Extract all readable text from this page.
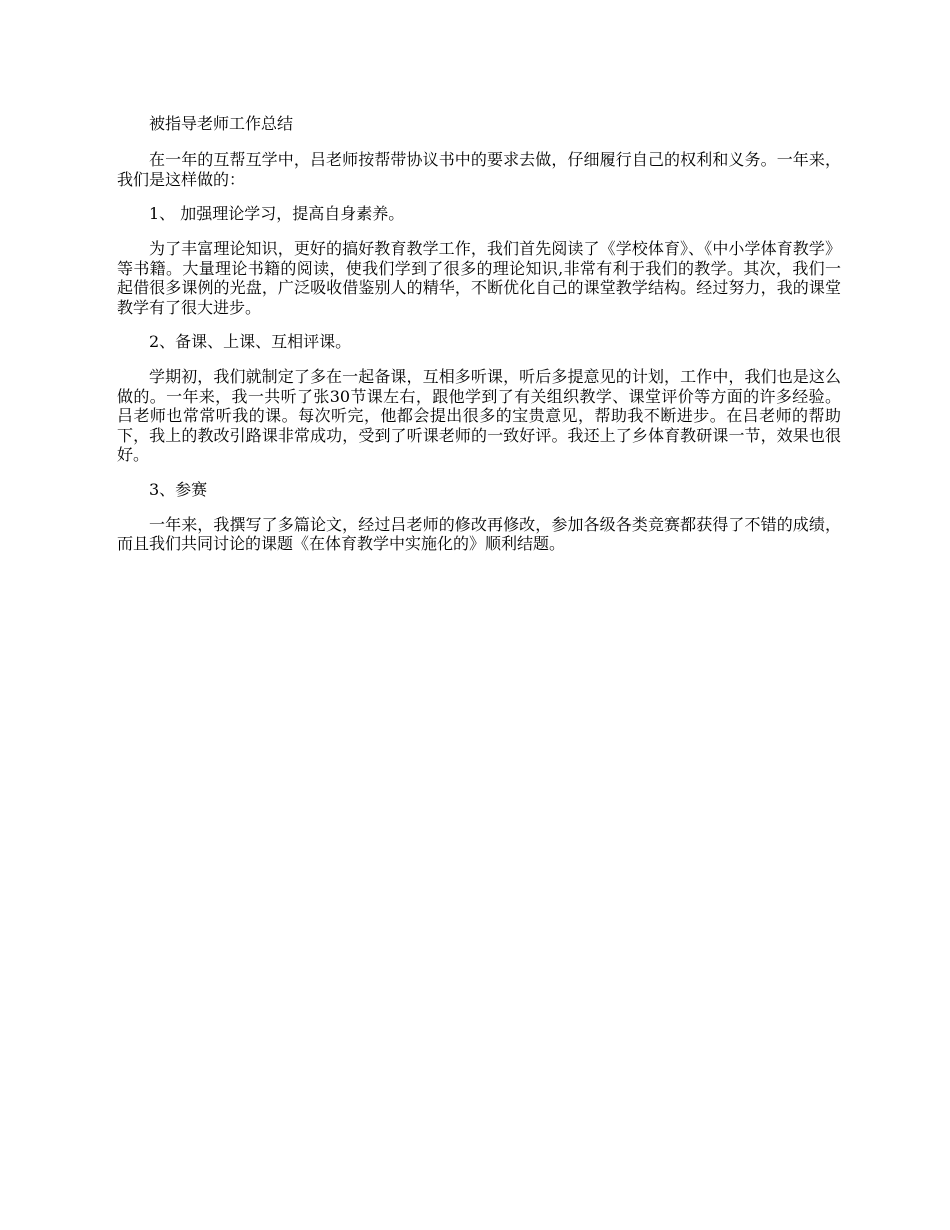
被指导老师工作总结

在一年的互帮互学中，吕老师按帮带协议书中的要求去做，仔细履行自己的权利和义务。一年来，我们是这样做的：

1、 加强理论学习，提高自身素养。

为了丰富理论知识，更好的搞好教育教学工作，我们首先阅读了《学校体育》、《中小学体育教学》等书籍。大量理论书籍的阅读，使我们学到了很多的理论知识,非常有利于我们的教学。其次，我们一起借很多课例的光盘，广泛吸收借鉴别人的精华，不断优化自己的课堂教学结构。经过努力，我的课堂教学有了很大进步。

2、备课、上课、互相评课。

学期初，我们就制定了多在一起备课，互相多听课，听后多提意见的计划，工作中，我们也是这么做的。一年来，我一共听了张30节课左右，跟他学到了有关组织教学、课堂评价等方面的许多经验。吕老师也常常听我的课。每次听完，他都会提出很多的宝贵意见，帮助我不断进步。在吕老师的帮助下，我上的教改引路课非常成功，受到了听课老师的一致好评。我还上了乡体育教研课一节，效果也很好。

3、参赛

一年来，我撰写了多篇论文，经过吕老师的修改再修改，参加各级各类竞赛都获得了不错的成绩，而且我们共同讨论的课题《在体育教学中实施化的》顺利结题。
